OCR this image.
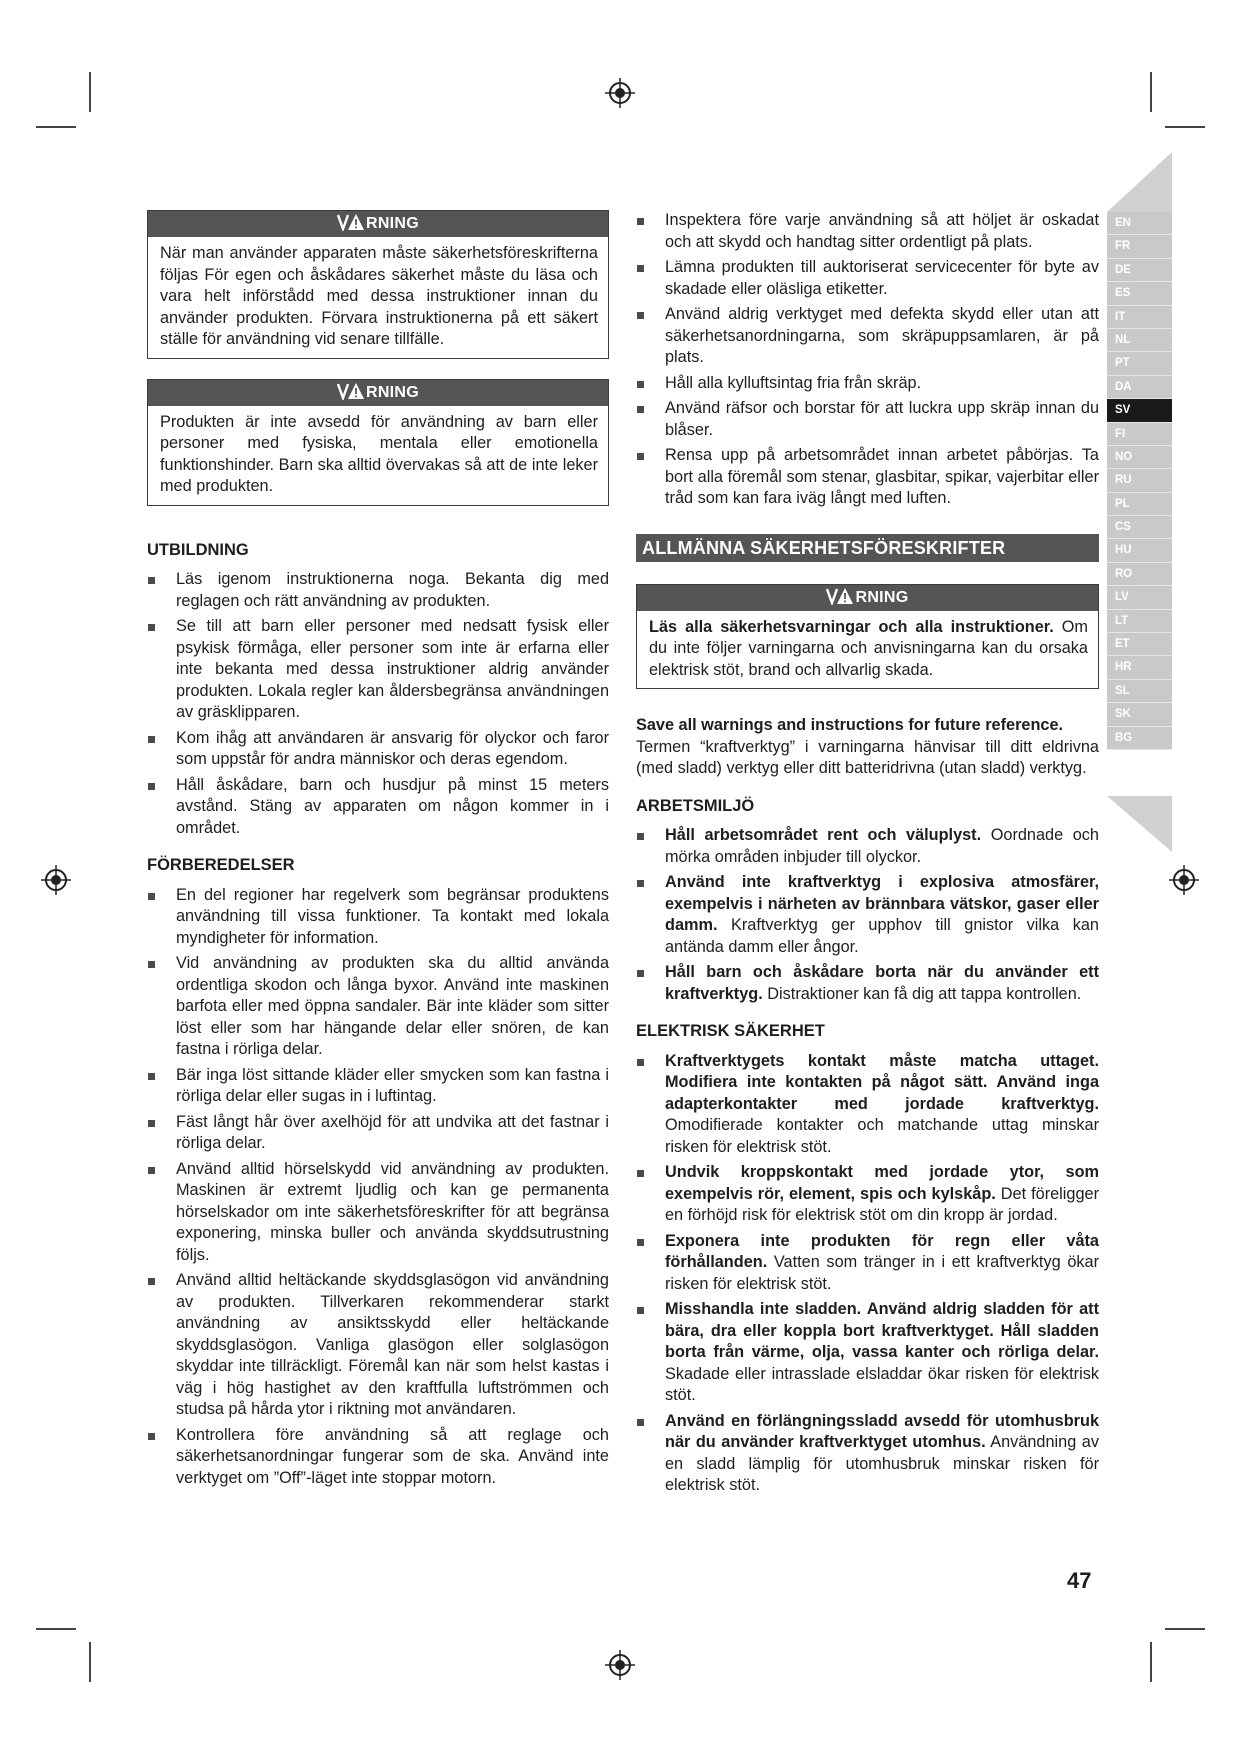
EN
FR
DE
ES
IT
NL
PT
DA
SV
FI
NO
RU
PL
CS
HU
RO
LV
LT
ET
HR
SL
SK
BG
RNING
När man använder apparaten måste säkerhetsföreskrifterna följas För egen och åskådares säkerhet måste du läsa och vara helt införstådd med dessa instruktioner innan du använder produkten. Förvara instruktionerna på ett säkert ställe för användning vid senare tillfälle.
RNING
Produkten är inte avsedd för användning av barn eller personer med fysiska, mentala eller emotionella funktionshinder. Barn ska alltid övervakas så att de inte leker med produkten.
UTBILDNING
Läs igenom instruktionerna noga. Bekanta dig med reglagen och rätt användning av produkten.
Se till att barn eller personer med nedsatt fysisk eller psykisk förmåga, eller personer som inte är erfarna eller inte bekanta med dessa instruktioner aldrig använder produkten. Lokala regler kan åldersbegränsa användningen av gräsklipparen.
Kom ihåg att användaren är ansvarig för olyckor och faror som uppstår för andra människor och deras egendom.
Håll åskådare, barn och husdjur på minst 15 meters avstånd. Stäng av apparaten om någon kommer in i området.
FÖRBEREDELSER
En del regioner har regelverk som begränsar produktens användning till vissa funktioner. Ta kontakt med lokala myndigheter för information.
Vid användning av produkten ska du alltid använda ordentliga skodon och långa byxor. Använd inte maskinen barfota eller med öppna sandaler. Bär inte kläder som sitter löst eller som har hängande delar eller snören, de kan fastna i rörliga delar.
Bär inga löst sittande kläder eller smycken som kan fastna i rörliga delar eller sugas in i luftintag.
Fäst långt hår över axelhöjd för att undvika att det fastnar i rörliga delar.
Använd alltid hörselskydd vid användning av produkten. Maskinen är extremt ljudlig och kan ge permanenta hörselskador om inte säkerhetsföreskrifter för att begränsa exponering, minska buller och använda skyddsutrustning följs.
Använd alltid heltäckande skyddsglasögon vid användning av produkten. Tillverkaren rekommenderar starkt användning av ansiktsskydd eller heltäckande skyddsglasögon. Vanliga glasögon eller solglasögon skyddar inte tillräckligt. Föremål kan när som helst kastas i väg i hög hastighet av den kraftfulla luftströmmen och studsa på hårda ytor i riktning mot användaren.
Kontrollera före användning så att reglage och säkerhetsanordningar fungerar som de ska. Använd inte verktyget om ”Off”-läget inte stoppar motorn.
Inspektera före varje användning så att höljet är oskadat och att skydd och handtag sitter ordentligt på plats.
Lämna produkten till auktoriserat servicecenter för byte av skadade eller oläsliga etiketter.
Använd aldrig verktyget med defekta skydd eller utan att säkerhetsanordningarna, som skräpuppsamlaren, är på plats.
Håll alla kylluftsintag fria från skräp.
Använd räfsor och borstar för att luckra upp skräp innan du blåser.
Rensa upp på arbetsområdet innan arbetet påbörjas. Ta bort alla föremål som stenar, glasbitar, spikar, vajerbitar eller tråd som kan fara iväg långt med luften.
ALLMÄNNA SÄKERHETSFÖRESKRIFTER
RNING
Läs alla säkerhetsvarningar och alla instruktioner. Om du inte följer varningarna och anvisningarna kan du orsaka elektrisk stöt, brand och allvarlig skada.

Save all warnings and instructions for future reference.

Termen “kraftverktyg” i varningarna hänvisar till ditt eldrivna (med sladd) verktyg eller ditt batteridrivna (utan sladd) verktyg.

ARBETSMILJÖ
Håll arbetsområdet rent och väluplyst. Oordnade och mörka områden inbjuder till olyckor.
Använd inte kraftverktyg i explosiva atmosfärer, exempelvis i närheten av brännbara vätskor, gaser eller damm. Kraftverktyg ger upphov till gnistor vilka kan antända damm eller ångor.
Håll barn och åskådare borta när du använder ett kraftverktyg. Distraktioner kan få dig att tappa kontrollen.
ELEKTRISK SÄKERHET
Kraftverktygets kontakt måste matcha uttaget. Modifiera inte kontakten på något sätt. Använd inga adapterkontakter med jordade kraftverktyg. Omodifierade kontakter och matchande uttag minskar risken för elektrisk stöt.
Undvik kroppskontakt med jordade ytor, som exempelvis rör, element, spis och kylskåp. Det föreligger en förhöjd risk för elektrisk stöt om din kropp är jordad.
Exponera inte produkten för regn eller våta förhållanden. Vatten som tränger in i ett kraftverktyg ökar risken för elektrisk stöt.
Misshandla inte sladden. Använd aldrig sladden för att bära, dra eller koppla bort kraftverktyget. Håll sladden borta från värme, olja, vassa kanter och rörliga delar. Skadade eller intrasslade elsladdar ökar risken för elektrisk stöt.
Använd en förlängningssladd avsedd för utomhusbruk när du använder kraftverktyget utomhus. Användning av en sladd lämplig för utomhusbruk minskar risken för elektrisk stöt.
47
